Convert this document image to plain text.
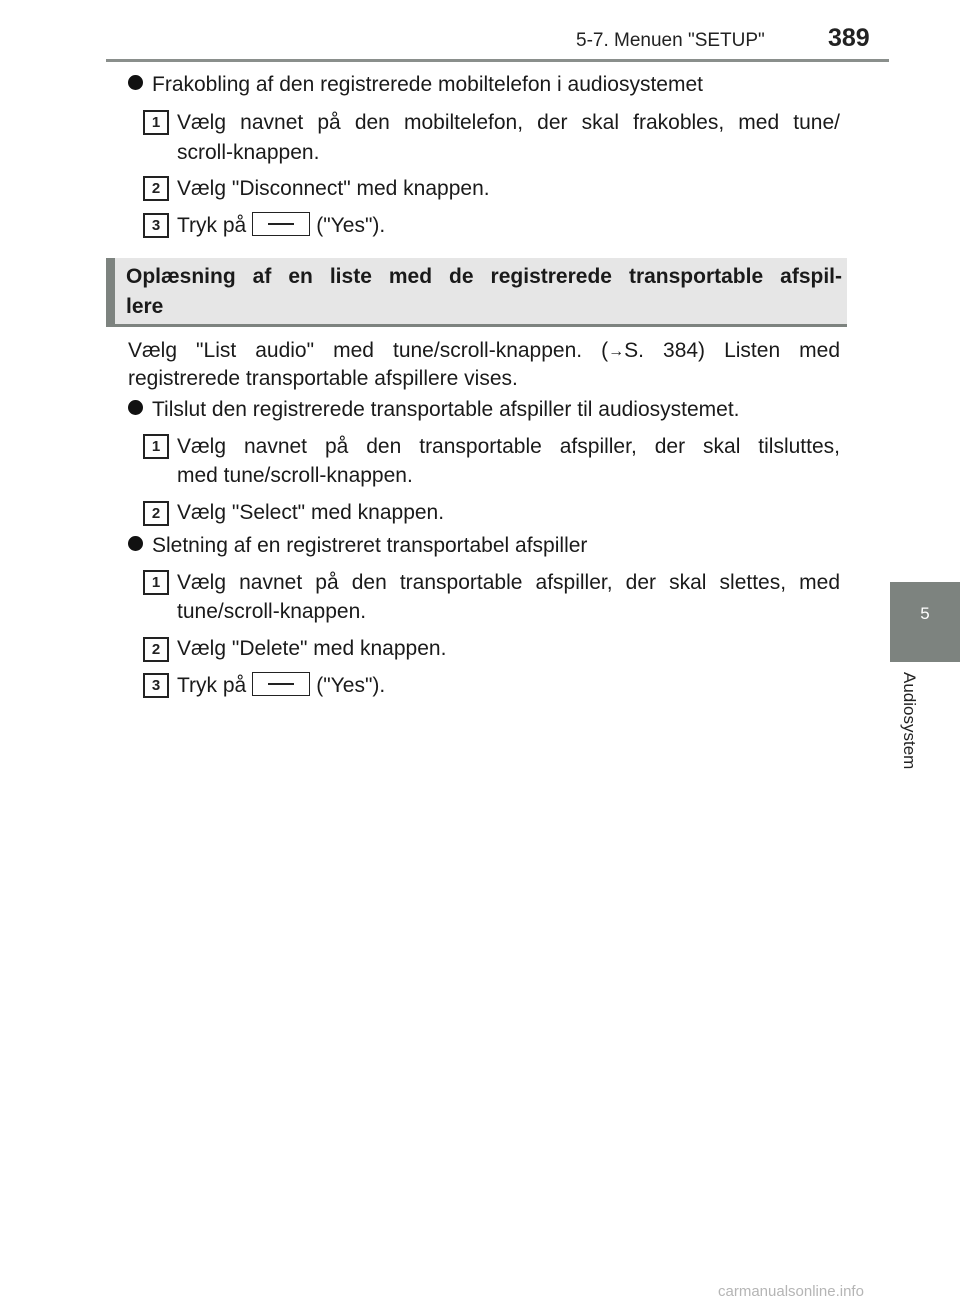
5-7. Menuen "SETUP"	389
5
Audiosystem
Frakobling af den registrerede mobiltelefon i audiosystemet
1 Vælg navnet på den mobiltelefon, der skal frakobles, med tune/
scroll-knappen.
2 Vælg "Disconnect" med knappen.
3 Tryk på	("Yes").
Oplæsning af en liste med de registrerede transportable afspil-
lere
Vælg "List audio" med tune/scroll-knappen. (→S. 384) Listen med
registrerede transportable afspillere vises.
Tilslut den registrerede transportable afspiller til audiosystemet.
1 Vælg navnet på den transportable afspiller, der skal tilsluttes,
med tune/scroll-knappen.
2 Vælg "Select" med knappen.
Sletning af en registreret transportabel afspiller
1 Vælg navnet på den transportable afspiller, der skal slettes, med
tune/scroll-knappen.
2 Vælg "Delete" med knappen.
3 Tryk på	("Yes").
carmanualsonline.info
